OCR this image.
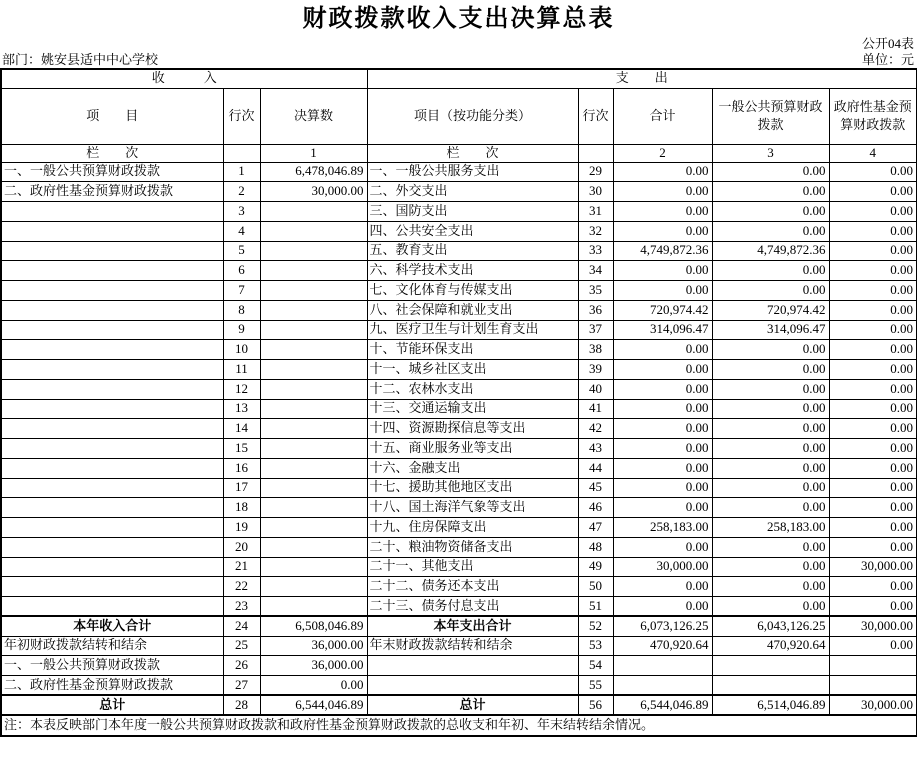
财政拨款收入支出决算总表
公开04表
部门：姚安县适中中心学校	单位：元
收　　　入			支　　出				
项　　目	行次	决算数	项目（按功能分类）	行次	合计	一般公共预算财政拨款	政府性基金预算财政拨款
栏　　次		1	栏　　次		2	3	4
一、一般公共预算财政拨款	1	6,478,046.89	一、一般公共服务支出	29	0.00	0.00	0.00
二、政府性基金预算财政拨款	2	30,000.00	二、外交支出	30	0.00	0.00	0.00
	3		三、国防支出	31	0.00	0.00	0.00
	4		四、公共安全支出	32	0.00	0.00	0.00
	5		五、教育支出	33	4,749,872.36	4,749,872.36	0.00
	6		六、科学技术支出	34	0.00	0.00	0.00
	7		七、文化体育与传媒支出	35	0.00	0.00	0.00
	8		八、社会保障和就业支出	36	720,974.42	720,974.42	0.00
	9		九、医疗卫生与计划生育支出	37	314,096.47	314,096.47	0.00
	10		十、节能环保支出	38	0.00	0.00	0.00
	11		十一、城乡社区支出	39	0.00	0.00	0.00
	12		十二、农林水支出	40	0.00	0.00	0.00
	13		十三、交通运输支出	41	0.00	0.00	0.00
	14		十四、资源勘探信息等支出	42	0.00	0.00	0.00
	15		十五、商业服务业等支出	43	0.00	0.00	0.00
	16		十六、金融支出	44	0.00	0.00	0.00
	17		十七、援助其他地区支出	45	0.00	0.00	0.00
	18		十八、国土海洋气象等支出	46	0.00	0.00	0.00
	19		十九、住房保障支出	47	258,183.00	258,183.00	0.00
	20		二十、粮油物资储备支出	48	0.00	0.00	0.00
	21		二十一、其他支出	49	30,000.00	0.00	30,000.00
	22		二十二、债务还本支出	50	0.00	0.00	0.00
	23		二十三、债务付息支出	51	0.00	0.00	0.00
本年收入合计	24	6,508,046.89	本年支出合计	52	6,073,126.25	6,043,126.25	30,000.00
年初财政拨款结转和结余	25	36,000.00	年末财政拨款结转和结余	53	470,920.64	470,920.64	0.00
一、一般公共预算财政拨款	26	36,000.00		54			
二、政府性基金预算财政拨款	27	0.00		55			
总计	28	6,544,046.89	总计	56	6,544,046.89	6,514,046.89	30,000.00
注：本表反映部门本年度一般公共预算财政拨款和政府性基金预算财政拨款的总收支和年初、年末结转结余情况。							
